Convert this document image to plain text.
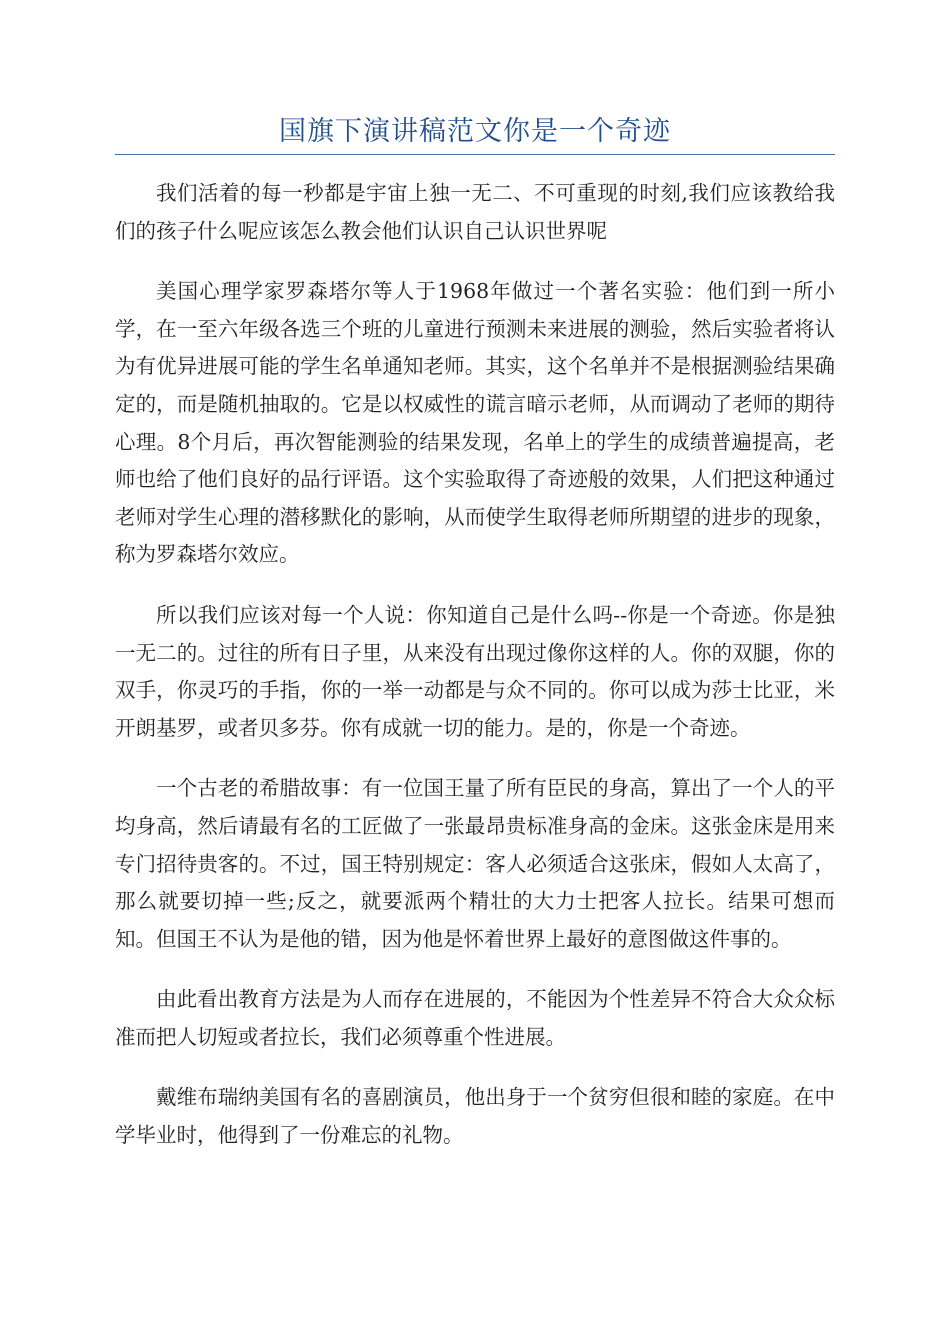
国旗下演讲稿范文你是一个奇迹

我们活着的每一秒都是宇宙上独一无二、不可重现的时刻,我们应该教给我们的孩子什么呢应该怎么教会他们认识自己认识世界呢

美国心理学家罗森塔尔等人于1968年做过一个著名实验：他们到一所小学，在一至六年级各选三个班的儿童进行预测未来进展的测验，然后实验者将认为有优异进展可能的学生名单通知老师。其实，这个名单并不是根据测验结果确定的，而是随机抽取的。它是以权威性的谎言暗示老师，从而调动了老师的期待心理。8个月后，再次智能测验的结果发现，名单上的学生的成绩普遍提高，老师也给了他们良好的品行评语。这个实验取得了奇迹般的效果，人们把这种通过老师对学生心理的潜移默化的影响，从而使学生取得老师所期望的进步的现象，称为罗森塔尔效应。

所以我们应该对每一个人说：你知道自己是什么吗--你是一个奇迹。你是独一无二的。过往的所有日子里，从来没有出现过像你这样的人。你的双腿，你的双手，你灵巧的手指，你的一举一动都是与众不同的。你可以成为莎士比亚，米开朗基罗，或者贝多芬。你有成就一切的能力。是的，你是一个奇迹。

一个古老的希腊故事：有一位国王量了所有臣民的身高，算出了一个人的平均身高，然后请最有名的工匠做了一张最昂贵标准身高的金床。这张金床是用来专门招待贵客的。不过，国王特别规定：客人必须适合这张床，假如人太高了，那么就要切掉一些;反之，就要派两个精壮的大力士把客人拉长。结果可想而知。但国王不认为是他的错，因为他是怀着世界上最好的意图做这件事的。

由此看出教育方法是为人而存在进展的，不能因为个性差异不符合大众众标准而把人切短或者拉长，我们必须尊重个性进展。

戴维布瑞纳美国有名的喜剧演员，他出身于一个贫穷但很和睦的家庭。在中学毕业时，他得到了一份难忘的礼物。
